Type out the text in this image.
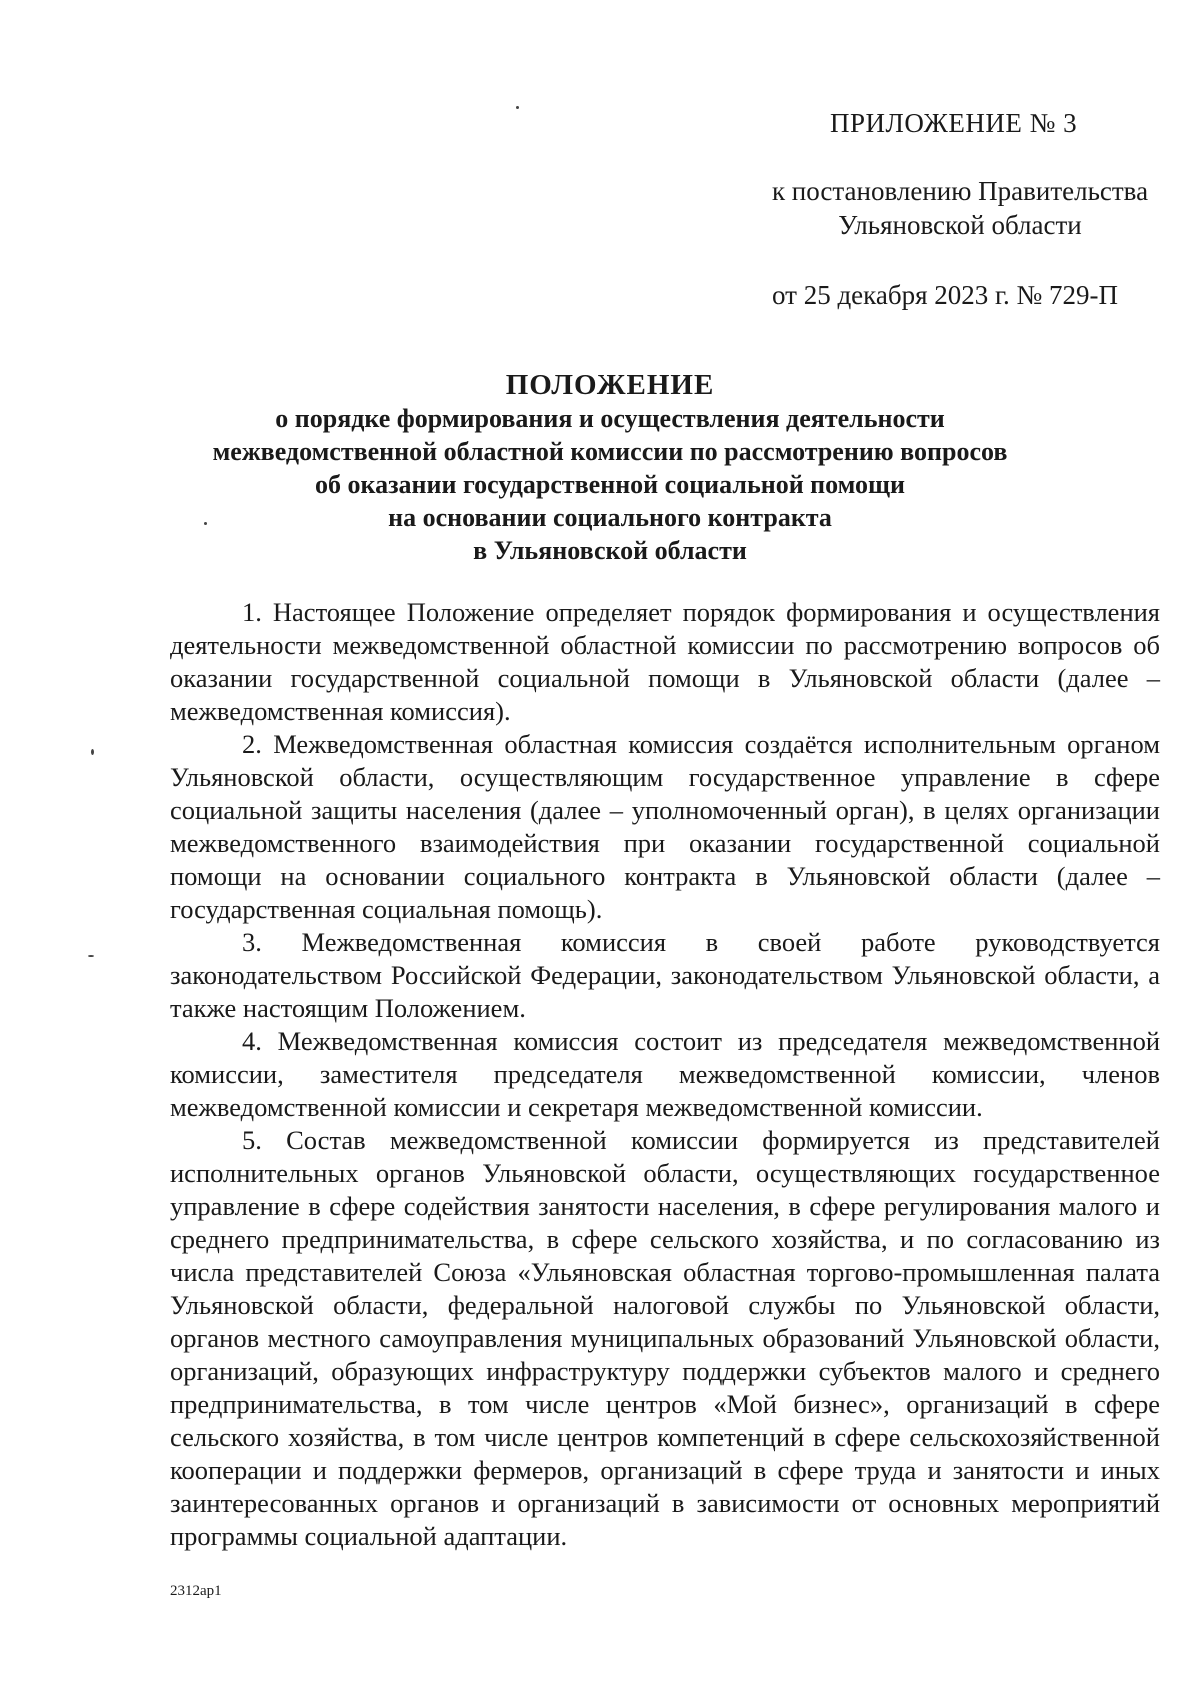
ПРИЛОЖЕНИЕ № 3
к постановлению Правительства
Ульяновской области
от 25 декабря 2023 г. № 729-П
ПОЛОЖЕНИЕ
о порядке формирования и осуществления деятельности
межведомственной областной комиссии по рассмотрению вопросов
об оказании государственной социальной помощи
на основании социального контракта
в Ульяновской области

1. Настоящее Положение определяет порядок формирования и осуществления деятельности межведомственной областной комиссии по рассмотрению вопросов об оказании государственной социальной помощи в Ульяновской области (далее – межведомственная комиссия).

2. Межведомственная областная комиссия создаётся исполнительным органом Ульяновской области, осуществляющим государственное управление в сфере социальной защиты населения (далее – уполномоченный орган), в целях организации межведомственного взаимодействия при оказании государственной социальной помощи на основании социального контракта в Ульяновской области (далее – государственная социальная помощь).

3. Межведомственная комиссия в своей работе руководствуется законодательством Российской Федерации, законодательством Ульяновской области, а также настоящим Положением.

4. Межведомственная комиссия состоит из председателя межведомственной комиссии, заместителя председателя межведомственной комиссии, членов межведомственной комиссии и секретаря межведомственной комиссии.

5. Состав межведомственной комиссии формируется из представителей исполнительных органов Ульяновской области, осуществляющих государственное управление в сфере содействия занятости населения, в сфере регулирования малого и среднего предпринимательства, в сфере сельского хозяйства, и по согласованию из числа представителей Союза «Ульяновская областная торгово-промышленная палата Ульяновской области, федеральной налоговой службы по Ульяновской области, органов местного самоуправления муниципальных образований Ульяновской области, организаций, образующих инфраструктуру поддержки субъектов малого и среднего предпринимательства, в том числе центров «Мой бизнес», организаций в сфере сельского хозяйства, в том числе центров компетенций в сфере сельскохозяйственной кооперации и поддержки фермеров, организаций в сфере труда и занятости и иных заинтересованных органов и организаций в зависимости от основных мероприятий программы социальной адаптации.

2312ap1
